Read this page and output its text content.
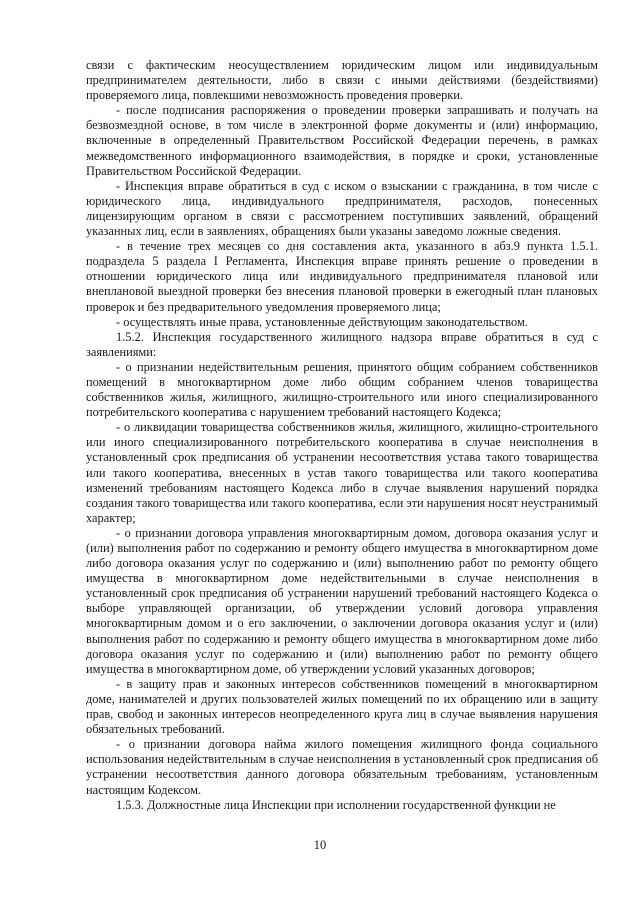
связи с фактическим неосуществлением юридическим лицом или индивидуальным предпринимателем деятельности, либо в связи с иными действиями (бездействиями) проверяемого лица, повлекшими невозможность проведения проверки.

- после подписания распоряжения о проведении проверки запрашивать и получать на безвозмездной основе, в том числе в электронной форме документы и (или) информацию, включенные в определенный Правительством Российской Федерации перечень, в рамках межведомственного информационного взаимодействия, в порядке и сроки, установленные Правительством Российской Федерации.

- Инспекция вправе обратиться в суд с иском о взыскании с гражданина, в том числе с юридического лица, индивидуального предпринимателя, расходов, понесенных лицензирующим органом в связи с рассмотрением поступивших заявлений, обращений указанных лиц, если в заявлениях, обращениях были указаны заведомо ложные сведения.

- в течение трех месяцев со дня составления акта, указанного в абз.9 пункта 1.5.1. подраздела 5 раздела I Регламента, Инспекция вправе принять решение о проведении в отношении юридического лица или индивидуального предпринимателя плановой или внеплановой выездной проверки без внесения плановой проверки в ежегодный план плановых проверок и без предварительного уведомления проверяемого лица;

- осуществлять иные права, установленные действующим законодательством.

1.5.2. Инспекция государственного жилищного надзора вправе обратиться в суд с заявлениями:

- о признании недействительным решения, принятого общим собранием собственников помещений в многоквартирном доме либо общим собранием членов товарищества собственников жилья, жилищного, жилищно-строительного или иного специализированного потребительского кооператива с нарушением требований настоящего Кодекса;

- о ликвидации товарищества собственников жилья, жилищного, жилищно-строительного или иного специализированного потребительского кооператива в случае неисполнения в установленный срок предписания об устранении несоответствия устава такого товарищества или такого кооператива, внесенных в устав такого товарищества или такого кооператива изменений требованиям настоящего Кодекса либо в случае выявления нарушений порядка создания такого товарищества или такого кооператива, если эти нарушения носят неустранимый характер;

- о признании договора управления многоквартирным домом, договора оказания услуг и (или) выполнения работ по содержанию и ремонту общего имущества в многоквартирном доме либо договора оказания услуг по содержанию и (или) выполнению работ по ремонту общего имущества в многоквартирном доме недействительными в случае неисполнения в установленный срок предписания об устранении нарушений требований настоящего Кодекса о выборе управляющей организации, об утверждении условий договора управления многоквартирным домом и о его заключении, о заключении договора оказания услуг и (или) выполнения работ по содержанию и ремонту общего имущества в многоквартирном доме либо договора оказания услуг по содержанию и (или) выполнению работ по ремонту общего имущества в многоквартирном доме, об утверждении условий указанных договоров;

- в защиту прав и законных интересов собственников помещений в многоквартирном доме, нанимателей и других пользователей жилых помещений по их обращению или в защиту прав, свобод и законных интересов неопределенного круга лиц в случае выявления нарушения обязательных требований.

- о признании договора найма жилого помещения жилищного фонда социального использования недействительным в случае неисполнения в установленный срок предписания об устранении несоответствия данного договора обязательным требованиям, установленным настоящим Кодексом.

1.5.3. Должностные лица Инспекции при исполнении государственной функции не

10
